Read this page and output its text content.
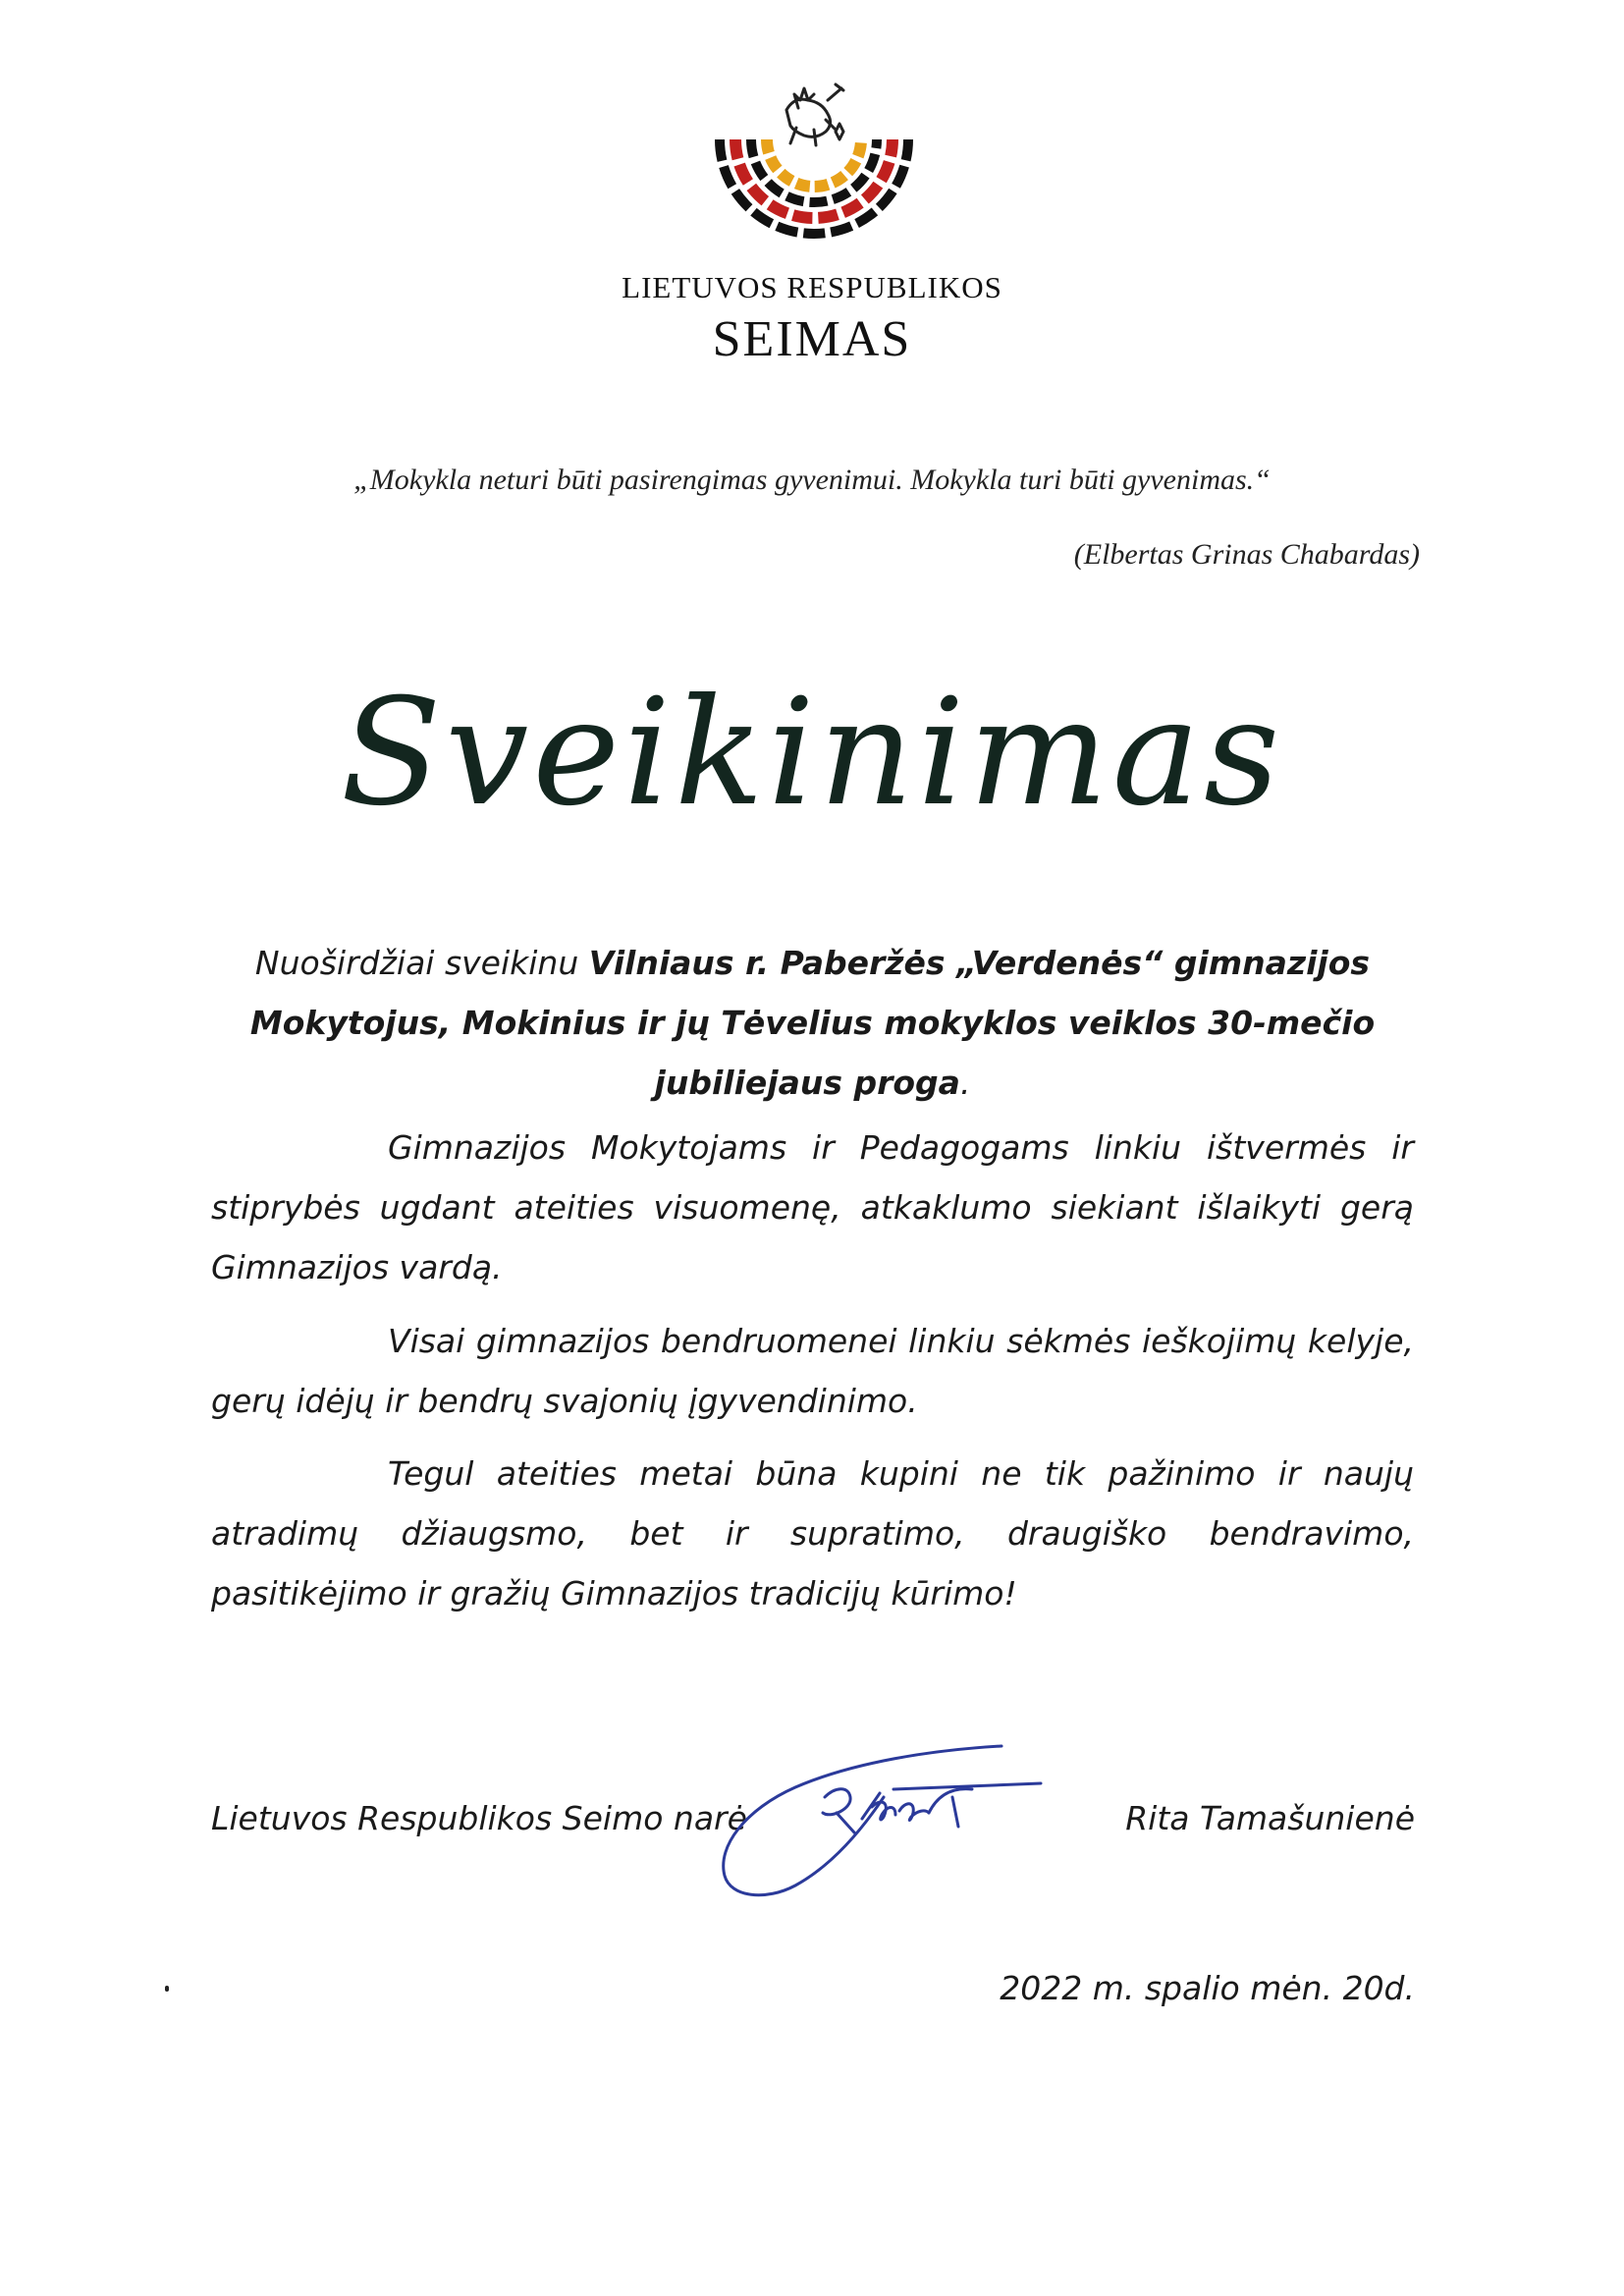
LIETUVOS RESPUBLIKOS
SEIMAS
„Mokykla neturi būti pasirengimas gyvenimui. Mokykla turi būti gyvenimas.“
(Elbertas Grinas Chabardas)
Sveikinimas
Nuoširdžiai sveikinu Vilniaus r. Paberžės „Verdenės“ gimnazijos Mokytojus, Mokinius ir jų Tėvelius mokyklos veiklos 30-mečio jubiliejaus proga.
Gimnazijos Mokytojams ir Pedagogams linkiu ištvermės ir stiprybės ugdant ateities visuomenę, atkaklumo siekiant išlaikyti gerą Gimnazijos vardą.
Visai gimnazijos bendruomenei linkiu sėkmės ieškojimų kelyje, gerų idėjų ir bendrų svajonių įgyvendinimo.
Tegul ateities metai būna kupini ne tik pažinimo ir naujų atradimų džiaugsmo, bet ir supratimo, draugiško bendravimo, pasitikėjimo ir gražių Gimnazijos tradicijų kūrimo!
Lietuvos Respublikos Seimo narė	Rita Tamašunienė
2022 m. spalio mėn. 20d.
